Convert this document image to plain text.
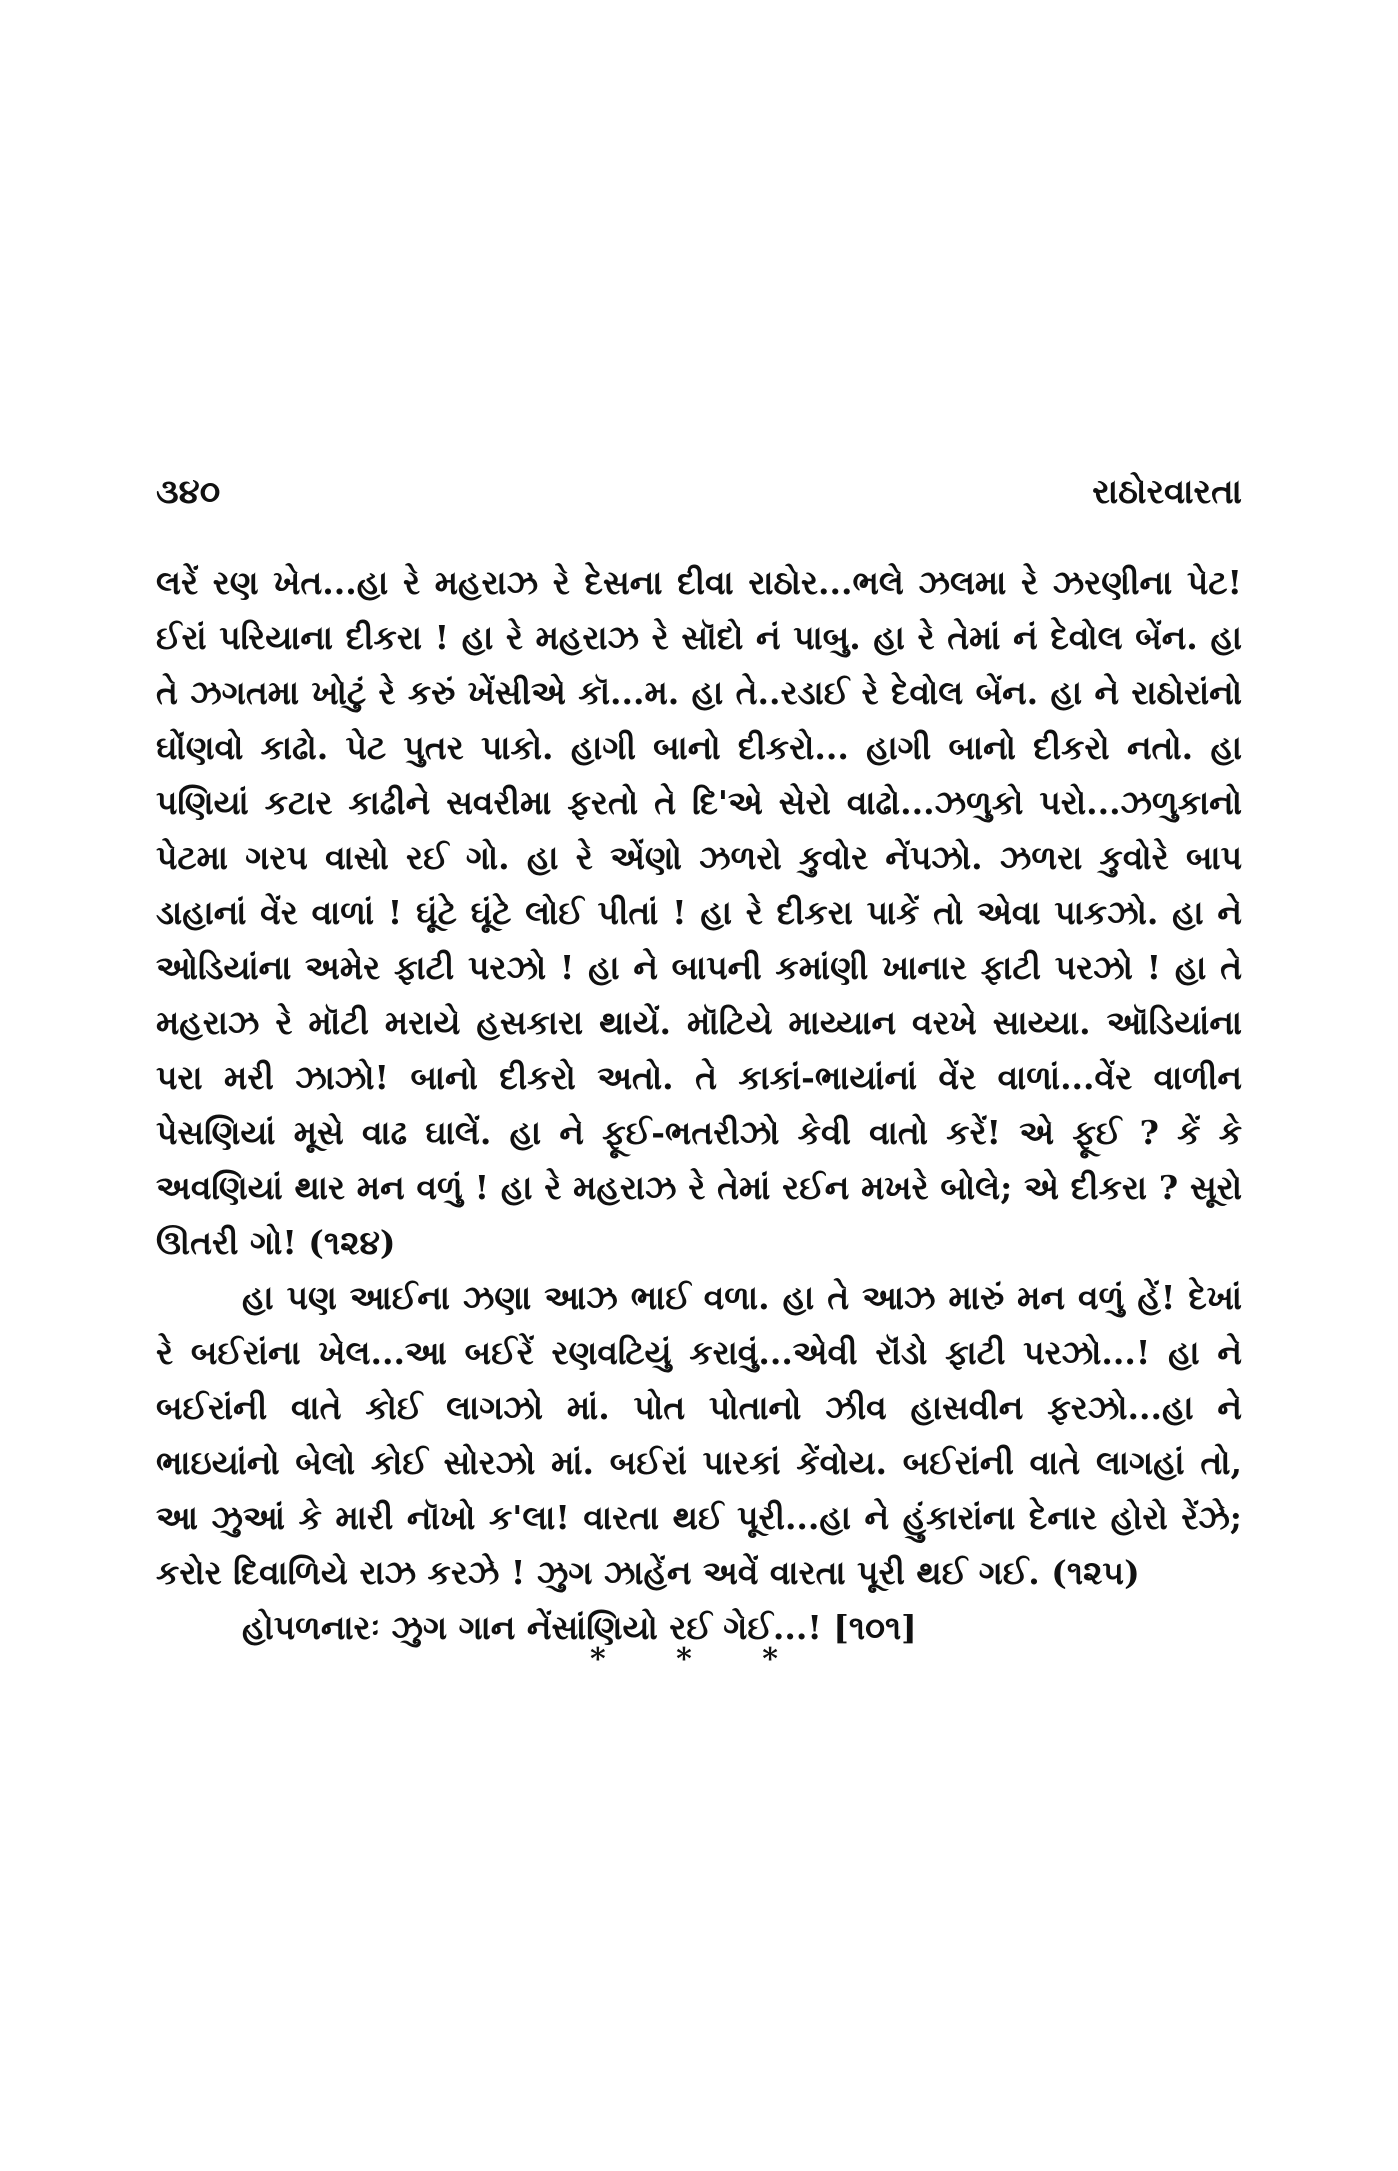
૩૪૦	રાઠોરવારતા

લરેં રણ ખેત...હા રે મહરાઝ રે દેસના દીવા રાઠોર...ભલે ઝલમા રે ઝરણીના પેટ! ઈરાં પરિયાના દીકરા ! હા રે મહરાઝ રે સૉદો નં પાબુ. હા રે તેમાં નં દેવોલ બેંન. હા તે ઝગતમા ખોટું રે કરું ખેંસીએ કૉ...મ. હા તે..રડાઈ રે દેવોલ બેંન. હા ને રાઠોરાંનો ઘોંણવો કાઢો. પેટ પુતર પાકો. હાગી બાનો દીકરો... હાગી બાનો દીકરો નતો. હા પણિયાં કટાર કાઢીને સવરીમા ફરતો તે દિ'એ સેરો વાઢો...ઝળુકો પરો...ઝળુકાનો પેટમા ગરપ વાસો રઈ ગો. હા રે એંણો ઝળરો કુવોર નેંપઝો. ઝળરા કુવોરે બાપ ડાહાનાં વેંર વાળાં ! ઘૂંટે ઘૂંટે લોઈ પીતાં ! હા રે દીકરા પાકેં તો એવા પાકઝો. હા ને ઓડિયાંના અમેર ફાટી પરઝો ! હા ને બાપની કમાંણી ખાનાર ફાટી પરઝો ! હા તે મહરાઝ રે મૉટી મરાયે હસકારા થાયેં. મૉટિયે માય્યાન વરખે સાય્યા. ઑડિયાંના પરા મરી ઝાઝો! બાનો દીકરો અતો. તે કાકાં-ભાયાંનાં વેંર વાળાં...વેંર વાળીન પેસણિયાં મૂસે વાઢ ઘાલેં. હા ને ફૂઈ-ભતરીઝો કેવી વાતો કરેં! એ ફૂઈ ? કેં કે અવણિયાં થાર મન વળું ! હા રે મહરાઝ રે તેમાં રઈન મખરે બોલે; એ દીકરા ? સૂરો ઊતરી ગો! (૧૨૪)

હા પણ આઈના ઝણા આઝ ભાઈ વળા. હા તે આઝ મારું મન વળું હેં! દેખાં રે બઈરાંના ખેલ...આ બઈરેં રણવટિયું કરાવું...એવી રૉંડો ફાટી પરઝો...! હા ને બઈરાંની વાતે કોઈ લાગઝો માં. પોત પોતાનો ઝીવ હાસવીન ફરઝો...હા ને ભાઇયાંનો બેલો કોઈ સોરઝો માં. બઈરાં પારકાં કેંવોય. બઈરાંની વાતે લાગહાં તો, આ ઝુઆં કે મારી નૉખો ક'લા! વારતા થઈ પૂરી...હા ને હુંકારાંના દેનાર હોરો રેંઝે; કરોર દિવાળિયે રાઝ કરઝે ! ઝુગ ઝાહેંન અવેં વારતા પૂરી થઈ ગઈ. (૧૨૫)

હોપળનારઃ ઝુગ ગાન નેંસાંણિયો રઈ ગેઈ...! [૧૦૧]

* * *
